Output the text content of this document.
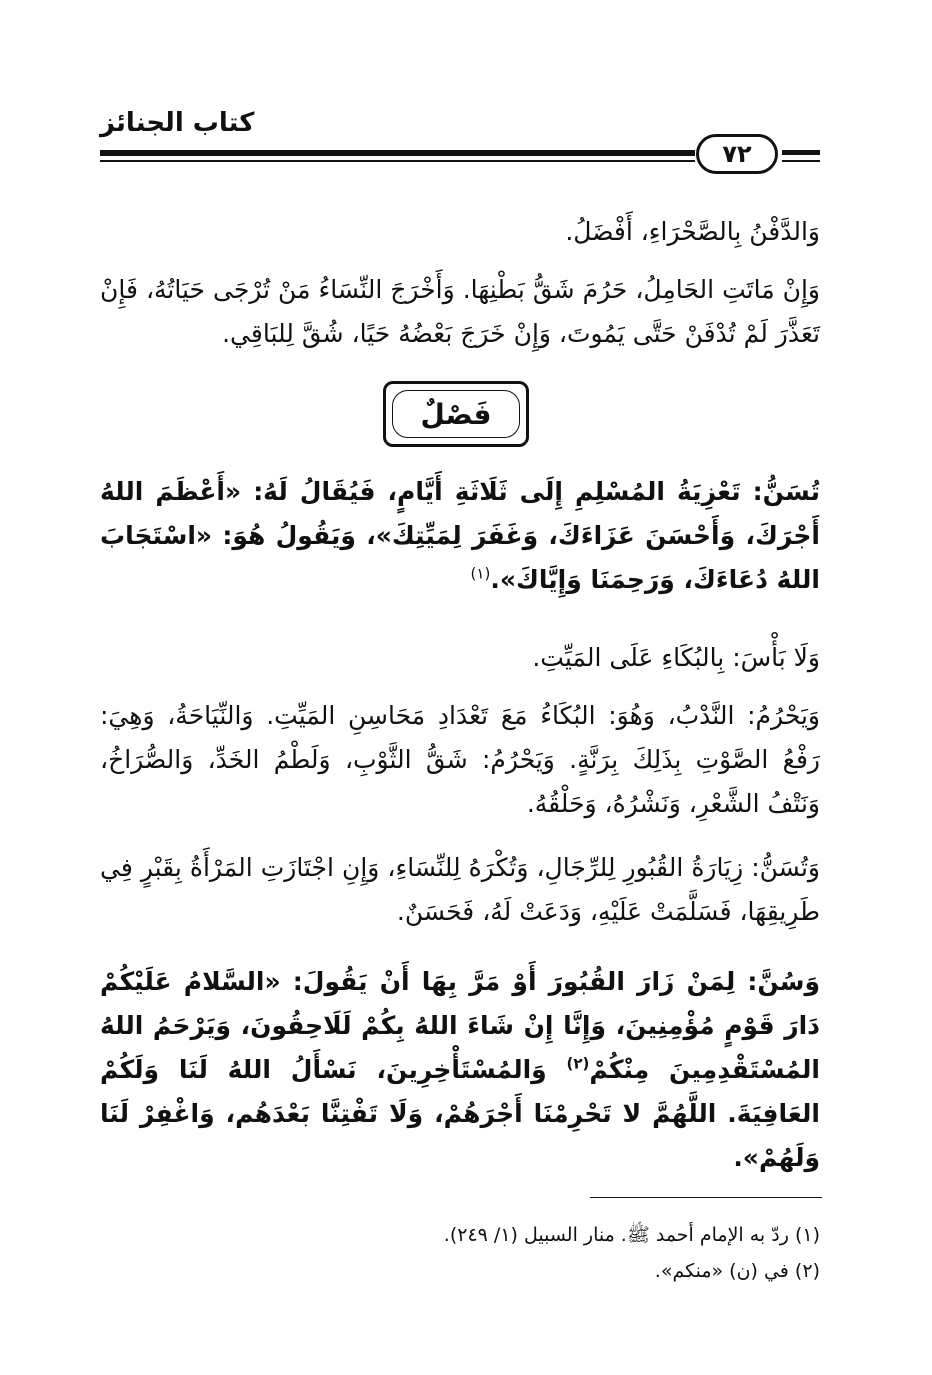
كتاب الجنائز
٧٢
وَالدَّفْنُ بِالصَّحْرَاءِ، أَفْضَلُ.
وَإِنْ مَاتَتِ الحَامِلُ، حَرُمَ شَقُّ بَطْنِهَا. وَأَخْرَجَ النِّسَاءُ مَنْ تُرْجَى حَيَاتُهُ، فَإِنْ تَعَذَّرَ لَمْ تُدْفَنْ حَتَّى يَمُوتَ، وَإِنْ خَرَجَ بَعْضُهُ حَيًا، شُقَّ لِلبَاقِي.
فَصْلٌ
تُسَنُّ: تَعْزِيَةُ المُسْلِمِ إِلَى ثَلَاثَةِ أَيَّامٍ، فَيُقَالُ لَهُ: «أَعْظَمَ اللهُ أَجْرَكَ، وَأَحْسَنَ عَزَاءَكَ، وَغَفَرَ لِمَيِّتِكَ»، وَيَقُولُ هُوَ: «اسْتَجَابَ اللهُ دُعَاءَكَ، وَرَحِمَنَا وَإِيَّاكَ».$^{(١)}$
وَلَا بَأْسَ: بِالبُكَاءِ عَلَى المَيِّتِ.
وَيَحْرُمُ: النَّدْبُ، وَهُوَ: البُكَاءُ مَعَ تَعْدَادِ مَحَاسِنِ المَيِّتِ. وَالنِّيَاحَةُ، وَهِيَ: رَفْعُ الصَّوْتِ بِذَلِكَ بِرَنَّةٍ. وَيَحْرُمُ: شَقُّ الثَّوْبِ، وَلَطْمُ الخَدِّ، وَالصُّرَاخُ، وَنَتْفُ الشَّعْرِ، وَنَشْرُهُ، وَحَلْقُهُ.
وَتُسَنُّ: زِيَارَةُ القُبُورِ لِلرِّجَالِ، وَتُكْرَهُ لِلنِّسَاءِ، وَإِنِ اجْتَازَتِ المَرْأَةُ بِقَبْرٍ فِي طَرِيقِهَا، فَسَلَّمَتْ عَلَيْهِ، وَدَعَتْ لَهُ، فَحَسَنٌ.
وَسُنَّ: لِمَنْ زَارَ القُبُورَ أَوْ مَرَّ بِهَا أَنْ يَقُولَ: «السَّلامُ عَلَيْكُمْ دَارَ قَوْمٍ مُؤْمِنِينَ، وَإِنَّا إِنْ شَاءَ اللهُ بِكُمْ لَلَاحِقُونَ، وَيَرْحَمُ اللهُ المُسْتَقْدِمِينَ مِنْكُمْ$^{(٢)}$ وَالمُسْتَأْخِرِينَ، نَسْأَلُ اللهُ لَنَا وَلَكُمْ العَافِيَةَ. اللَّهُمَّ لا تَحْرِمْنَا أَجْرَهُمْ، وَلَا تَفْتِنَّا بَعْدَهُم، وَاغْفِرْ لَنَا وَلَهُمْ».
(١) ردّ به الإمام أحمد ﷺ. منار السبيل (١/ ٢٤٩).
(٢) في (ن) «منكم».
